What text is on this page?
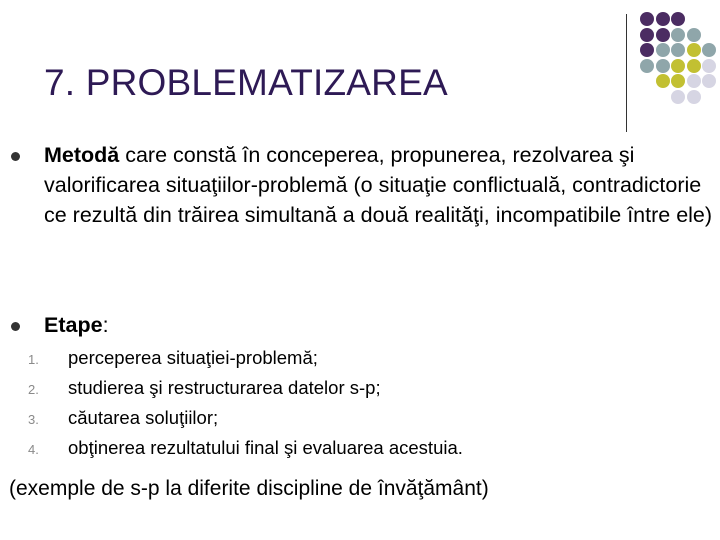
7. PROBLEMATIZAREA
Metodă care constă în conceperea, propunerea, rezolvarea şi valorificarea situaţiilor-problemă (o situaţie conflictuală, contradictorie ce rezultă din trăirea simultană a două realităţi, incompatibile între ele)
Etape:
1. perceperea situaţiei-problemă;
2. studierea şi restructurarea datelor s-p;
3. căutarea soluţiilor;
4. obţinerea rezultatului final şi evaluarea acestuia.
(exemple de s-p la diferite discipline de învăţământ)
